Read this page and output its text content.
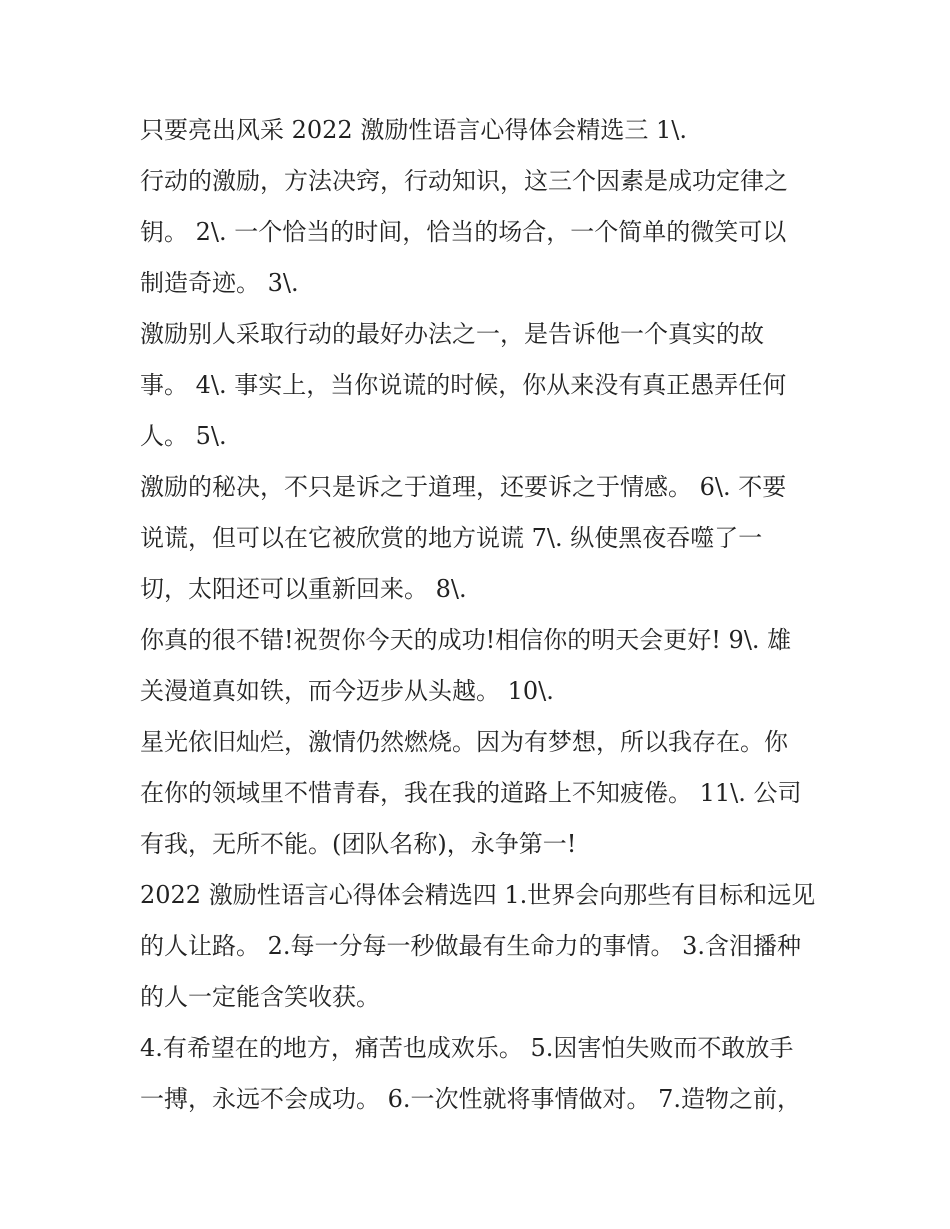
只要亮出风采 2022 激励性语言心得体会精选三 1\.
行动的激励，方法决窍，行动知识，这三个因素是成功定律之
钥。 2\. 一个恰当的时间，恰当的场合，一个简单的微笑可以
制造奇迹。 3\.
激励别人采取行动的最好办法之一，是告诉他一个真实的故
事。 4\. 事实上，当你说谎的时候，你从来没有真正愚弄任何
人。 5\.
激励的秘决，不只是诉之于道理，还要诉之于情感。 6\. 不要
说谎，但可以在它被欣赏的地方说谎 7\. 纵使黑夜吞噬了一
切，太阳还可以重新回来。 8\.
你真的很不错!祝贺你今天的成功!相信你的明天会更好! 9\. 雄
关漫道真如铁，而今迈步从头越。 10\.
星光依旧灿烂，激情仍然燃烧。因为有梦想，所以我存在。你
在你的领域里不惜青春，我在我的道路上不知疲倦。 11\. 公司
有我，无所不能。(团队名称)，永争第一!
2022 激励性语言心得体会精选四 1.世界会向那些有目标和远见
的人让路。 2.每一分每一秒做最有生命力的事情。 3.含泪播种
的人一定能含笑收获。
4.有希望在的地方，痛苦也成欢乐。 5.因害怕失败而不敢放手
一搏，永远不会成功。 6.一次性就将事情做对。 7.造物之前，
